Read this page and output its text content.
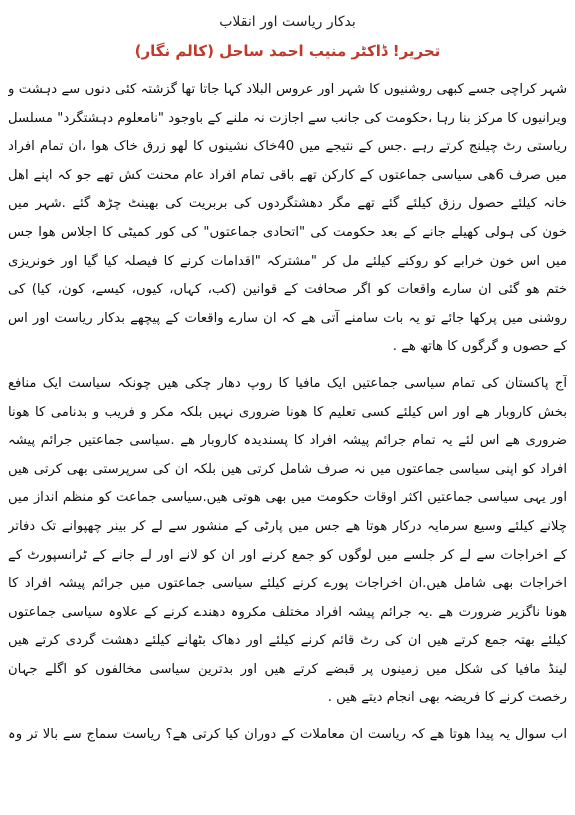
بدکار ریاست اور انقلاب
تحریر! ڈاکٹر منیب احمد ساحل (کالم نگار)
شہر کراچی جسے کبھی روشنیوں کا شہر اور عروس البلاد کہا جاتا تھا گزشتہ کئی دنوں سے دہشت و
ویرانیوں کا مرکز بنا رہا ،حکومت کی جانب سے اجازت نہ ملنے کے باوجود "نامعلوم دہشتگرد" مسلسل
ریاستی رٹ چیلنج کرتے رہے .جس کے نتیجے میں 40خاک نشینوں کا لھو زرق خاک ھوا ،ان تمام افراد
میں صرف 6ھی سیاسی جماعتوں کے کارکن تھے باقی تمام افراد عام محنت کش تھے جو کہ اپنے اھل
خانہ کیلئے حصول رزق کیلئے گئے تھے مگر دھشتگردوں کی بربریت کی بھینٹ چڑھ گئے .شہر میں
خون کی ہولی کھیلے جانے کے بعد حکومت کی "اتحادی جماعتوں" کی کور کمیٹی کا اجلاس ھوا جس
میں اس خون خرابے کو روکنے کیلئے مل کر "مشترکہ "اقدامات کرنے کا فیصلہ کیا گیا اور خونریزی
ختم ھو گئی ان سارے واقعات کو اگر صحافت کے قوانین (کب، کہاں، کیوں، کیسے، کون، کیا) کی
روشنی میں پرکھا جائے تو یہ بات سامنے آتی ھے کہ ان سارے واقعات کے پیچھے بدکار ریاست اور اس
کے حصوں و گرگوں کا ھاتھ ھے .
آج پاکستان کی تمام سیاسی جماعتیں ایک مافیا کا روپ دھار چکی ھیں چونکہ سیاست ایک منافع
بخش کاروبار ھے اور اس کیلئے کسی تعلیم کا ھونا ضروری نہیں بلکہ مکر و فریب و بدنامی کا ھونا
ضروری ھے اس لئے یہ تمام جرائم پیشہ افراد کا پسندیدہ کاروبار ھے .سیاسی جماعتیں جرائم پیشہ
افراد کو اپنی سیاسی جماعتوں میں نہ صرف شامل کرتی ھیں بلکہ ان کی سرپرستی بھی کرتی ھیں
اور یہی سیاسی جماعتیں اکثر اوقات حکومت میں بھی ھوتی ھیں.سیاسی جماعت کو منظم انداز میں
چلانے کیلئے وسیع سرمایہ درکار ھوتا ھے جس میں پارٹی کے منشور سے لے کر بینر چھپوانے تک دفاتر
کے اخراجات سے لے کر جلسے میں لوگوں کو جمع کرنے اور ان کو لانے اور لے جانے کے ٹرانسپورٹ کے
اخراجات بھی شامل ھیں.ان اخراجات پورے کرنے کیلئے سیاسی جماعتوں میں جرائم پیشہ افراد کا
ھونا ناگزیر ضرورت ھے .یہ جرائم پیشہ افراد مختلف مکروہ دھندے کرنے کے علاوہ سیاسی جماعتوں
کیلئے بھتہ جمع کرتے ھیں ان کی رٹ قائم کرنے کیلئے اور دھاک بٹھانے کیلئے دھشت گردی کرتے ھیں
لینڈ مافیا کی شکل میں زمینوں پر قبضے کرتے ھیں اور بدترین سیاسی مخالفوں کو اگلے جہان
رخصت کرنے کا فریضہ بھی انجام دیتے ھیں .
اب سوال یہ پیدا ھوتا ھے کہ ریاست ان معاملات کے دوران کیا کرتی ھے؟ ریاست سماج سے بالا تر وہ
